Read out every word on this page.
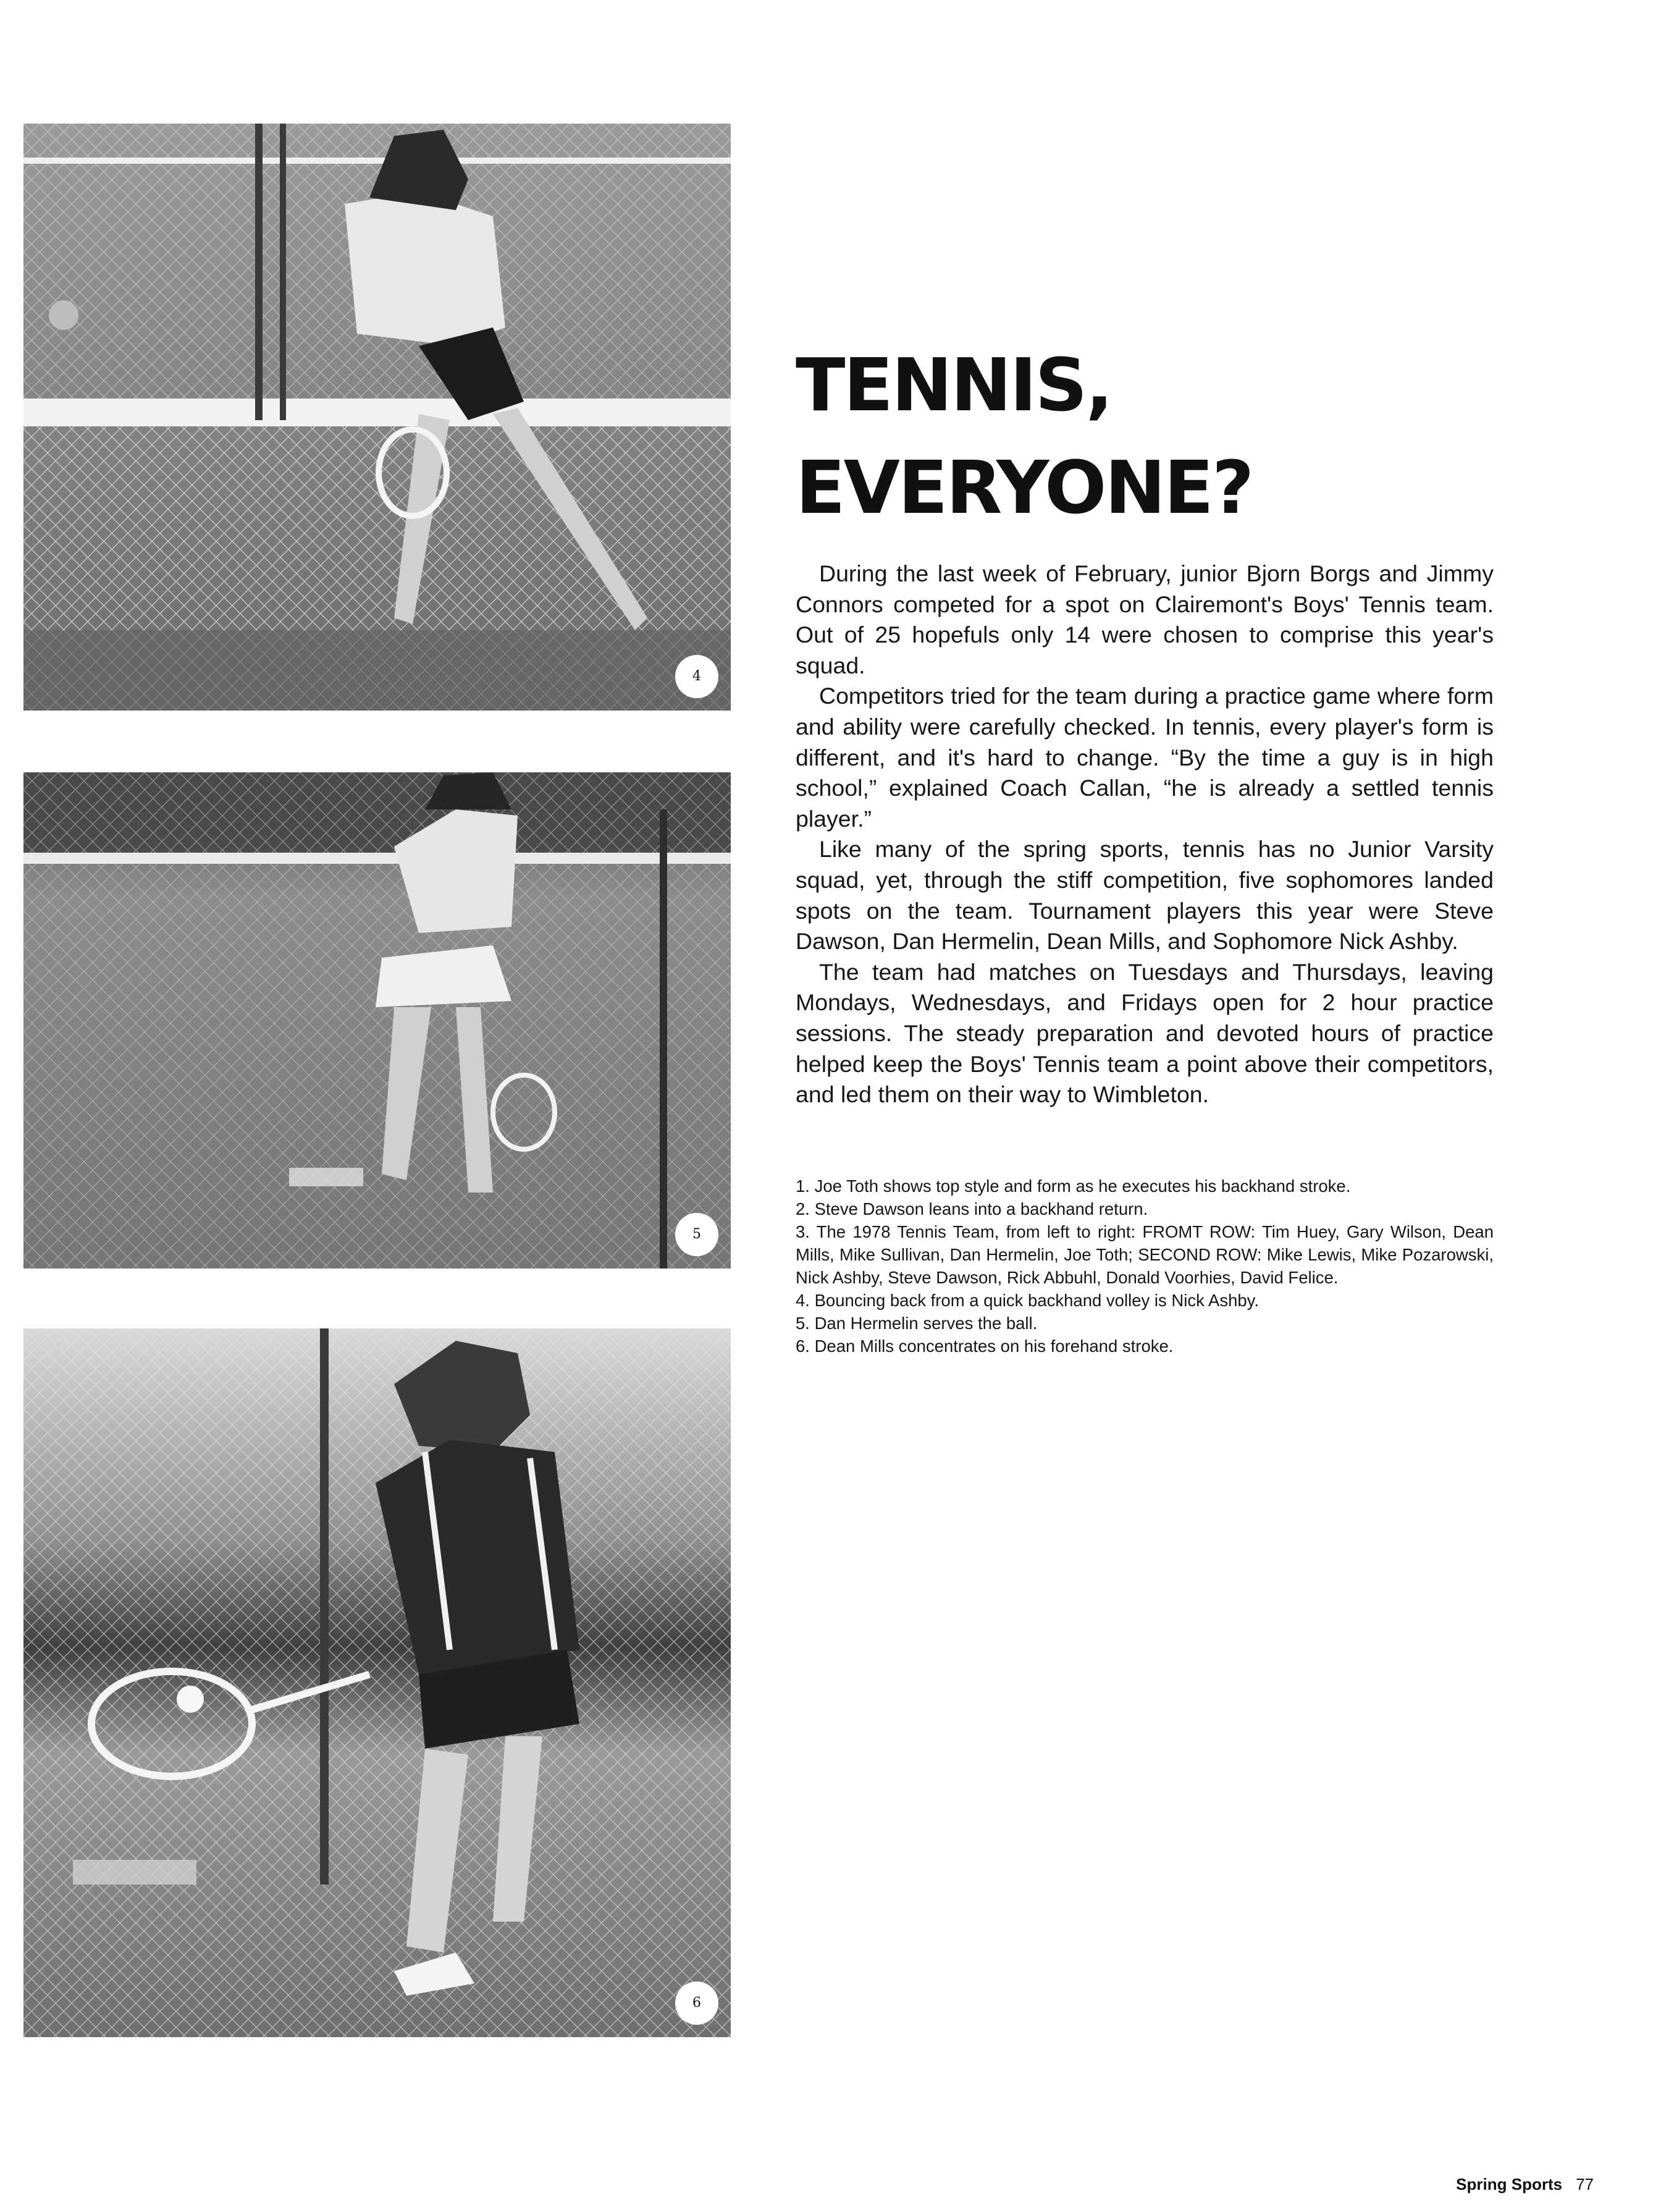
4
5
6
TENNIS,
EVERYONE?

During the last week of February, junior Bjorn Borgs and Jimmy Connors competed for a spot on Clairemont's Boys' Tennis team. Out of 25 hopefuls only 14 were chosen to comprise this year's squad.

Competitors tried for the team during a practice game where form and ability were carefully checked. In tennis, every player's form is different, and it's hard to change. “By the time a guy is in high school,” explained Coach Callan, “he is already a settled tennis player.”

Like many of the spring sports, tennis has no Junior Varsity squad, yet, through the stiff competition, five sophomores landed spots on the team. Tournament players this year were Steve Dawson, Dan Hermelin, Dean Mills, and Sophomore Nick Ashby.

The team had matches on Tuesdays and Thursdays, leaving Mondays, Wednesdays, and Fridays open for 2 hour practice sessions. The steady preparation and devoted hours of practice helped keep the Boys' Tennis team a point above their competitors, and led them on their way to Wimbleton.

1. Joe Toth shows top style and form as he executes his backhand stroke.

2. Steve Dawson leans into a backhand return.

3. The 1978 Tennis Team, from left to right: FROMT ROW: Tim Huey, Gary Wilson, Dean Mills, Mike Sullivan, Dan Hermelin, Joe Toth; SECOND ROW: Mike Lewis, Mike Pozarowski, Nick Ashby, Steve Dawson, Rick Abbuhl, Donald Voorhies, David Felice.

4. Bouncing back from a quick backhand volley is Nick Ashby.

5. Dan Hermelin serves the ball.

6. Dean Mills concentrates on his forehand stroke.

Spring Sports 77
